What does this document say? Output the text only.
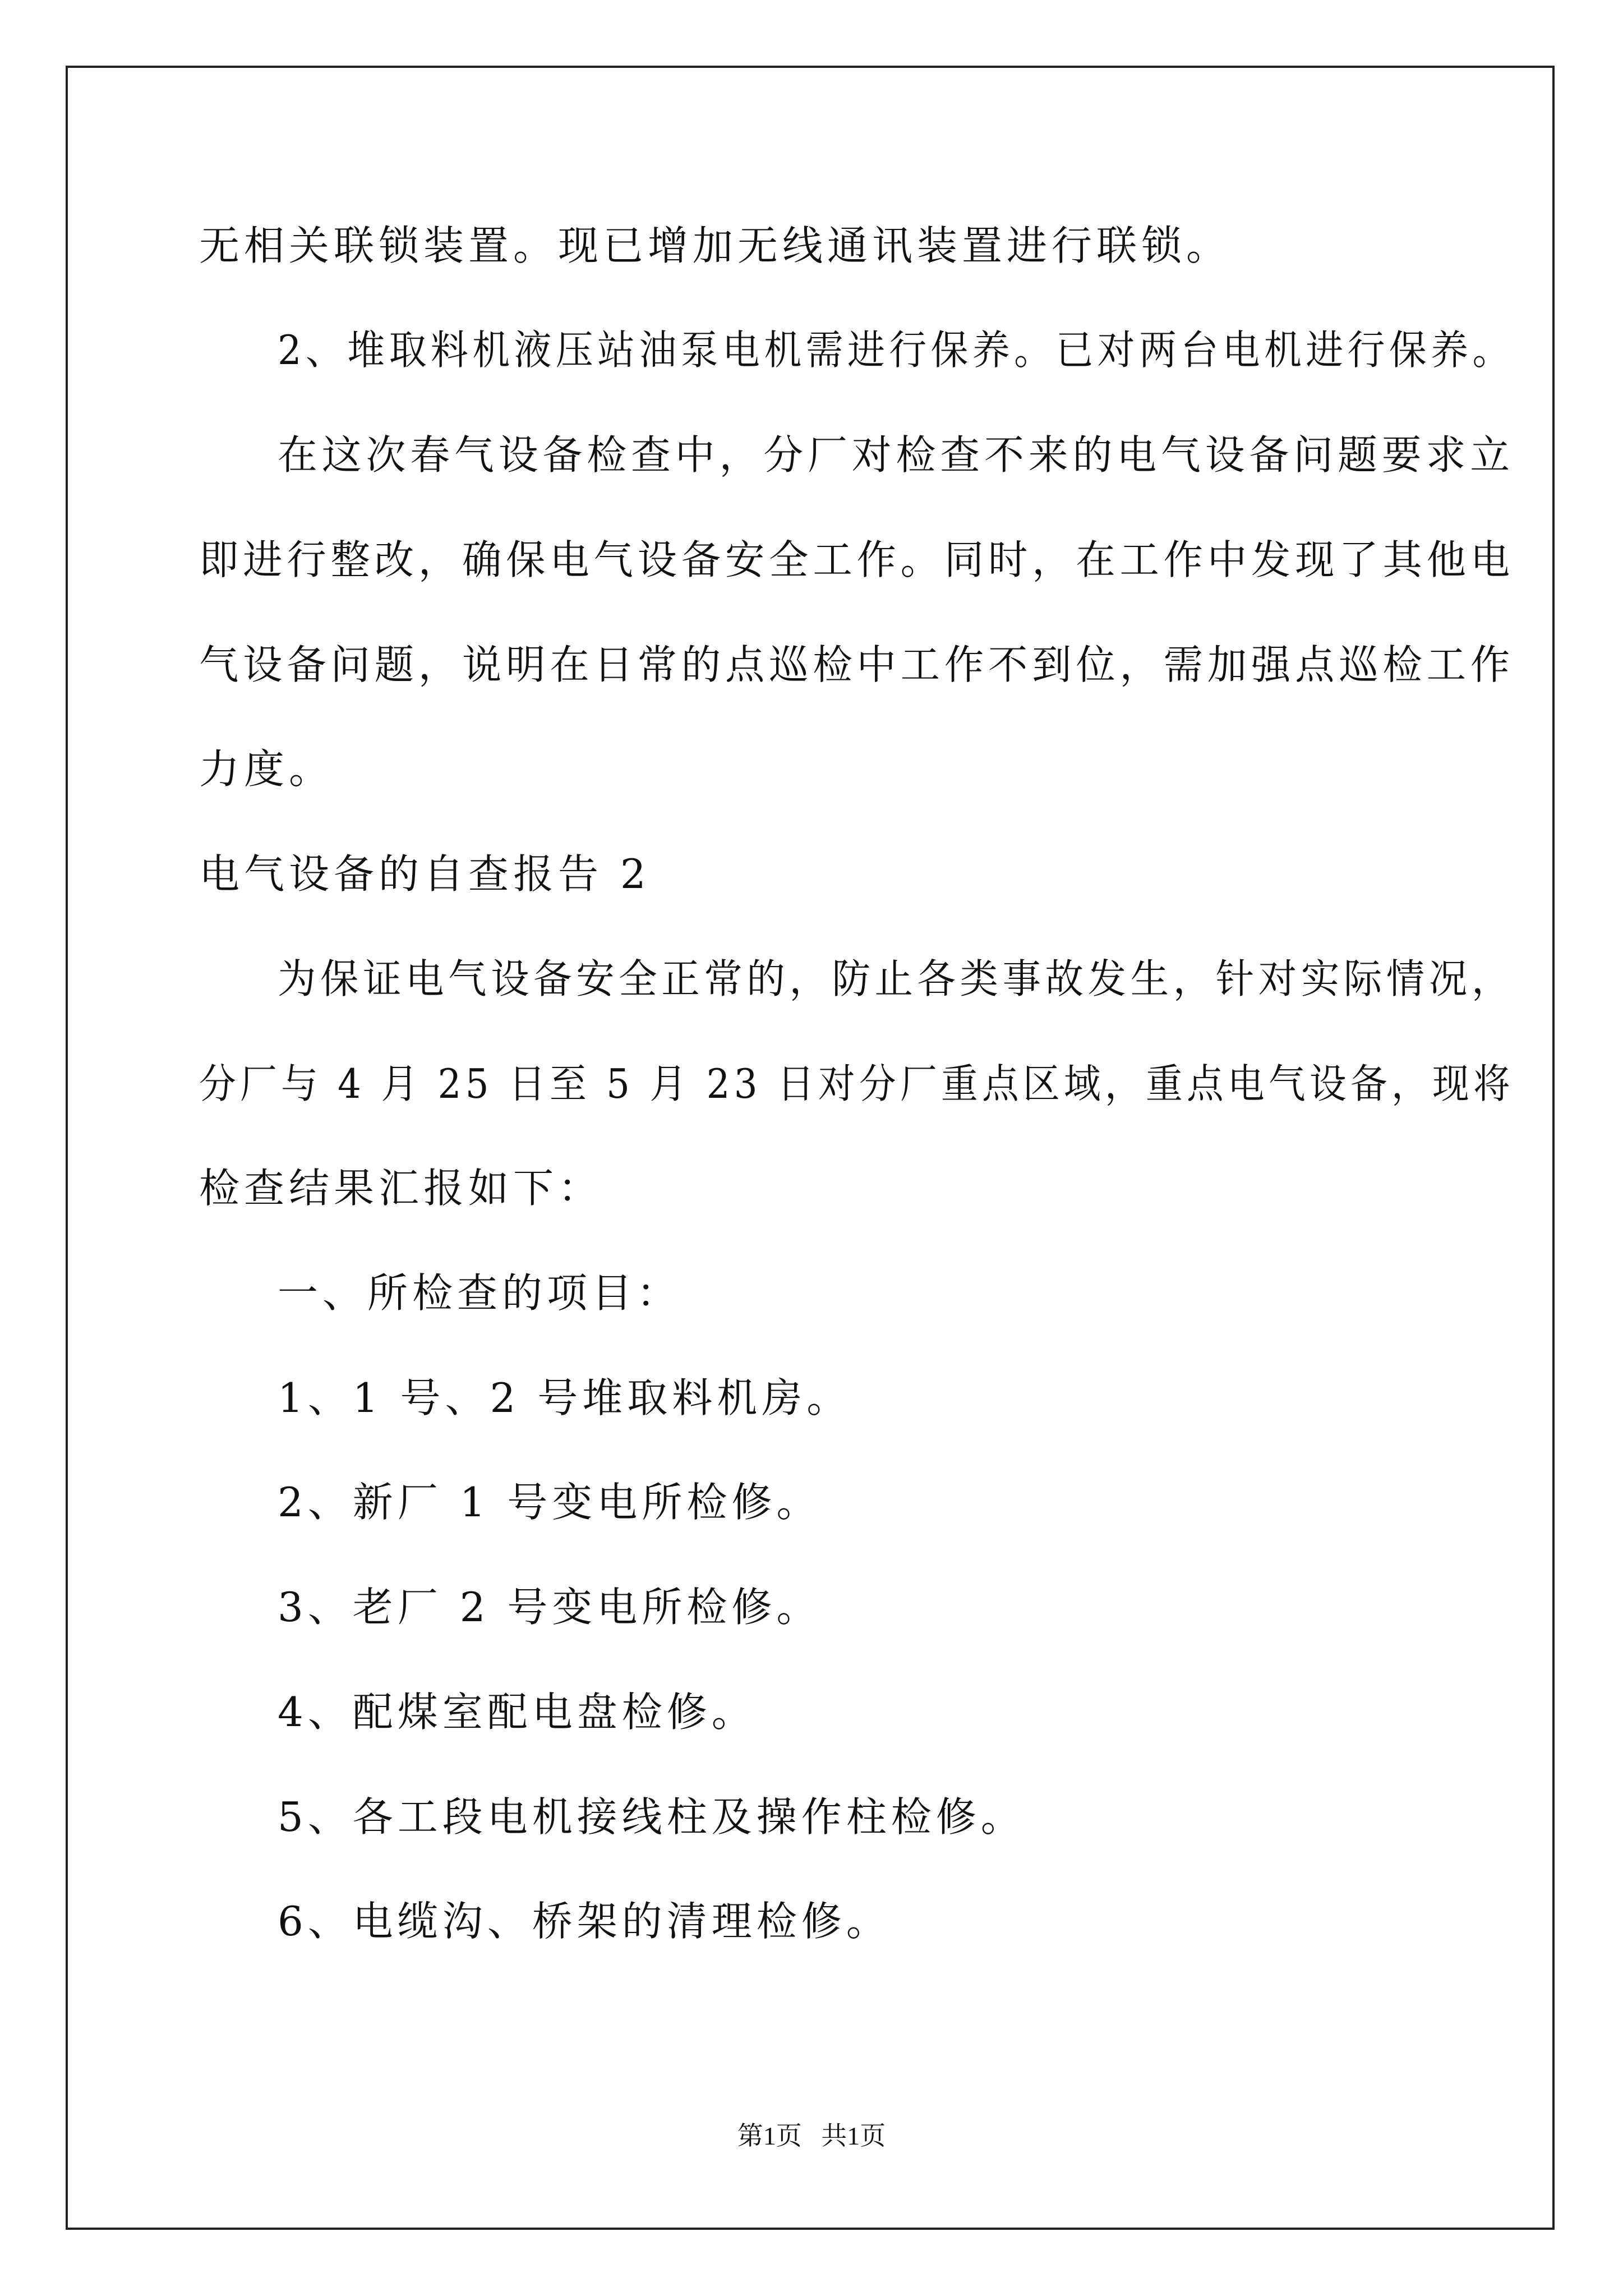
无相关联锁装置。现已增加无线通讯装置进行联锁。
2、堆取料机液压站油泵电机需进行保养。已对两台电机进行保养。
在这次春气设备检查中，分厂对检查不来的电气设备问题要求立
即进行整改，确保电气设备安全工作。同时，在工作中发现了其他电
气设备问题，说明在日常的点巡检中工作不到位，需加强点巡检工作
力度。
电气设备的自查报告 2
为保证电气设备安全正常的，防止各类事故发生，针对实际情况，
分厂与 4 月 25 日至 5 月 23 日对分厂重点区域，重点电气设备，现将
检查结果汇报如下：
一、所检查的项目：
1、1 号、2 号堆取料机房。
2、新厂 1 号变电所检修。
3、老厂 2 号变电所检修。
4、配煤室配电盘检修。
5、各工段电机接线柱及操作柱检修。
6、电缆沟、桥架的清理检修。
第1页   共1页
